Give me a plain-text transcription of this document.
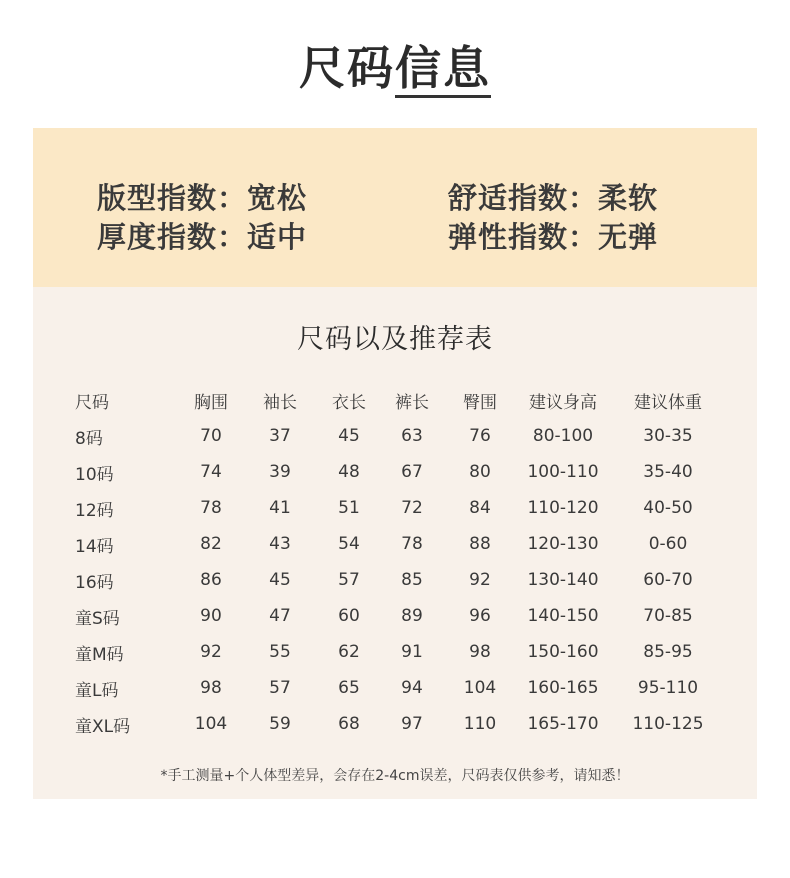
尺码信息
版型指数：宽松	舒适指数：柔软
厚度指数：适中	弹性指数：无弹
尺码以及推荐表
尺码	胸围	袖长	衣长	裤长	臀围	建议身高	建议体重
8码	70	37	45	63	76	80-100	30-35
10码	74	39	48	67	80	100-110	35-40
12码	78	41	51	72	84	110-120	40-50
14码	82	43	54	78	88	120-130	0-60
16码	86	45	57	85	92	130-140	60-70
童S码	90	47	60	89	96	140-150	70-85
童M码	92	55	62	91	98	150-160	85-95
童L码	98	57	65	94	104	160-165	95-110
童XL码	104	59	68	97	110	165-170	110-125
*手工测量+个人体型差异，会存在2-4cm误差，尺码表仅供参考，请知悉！
